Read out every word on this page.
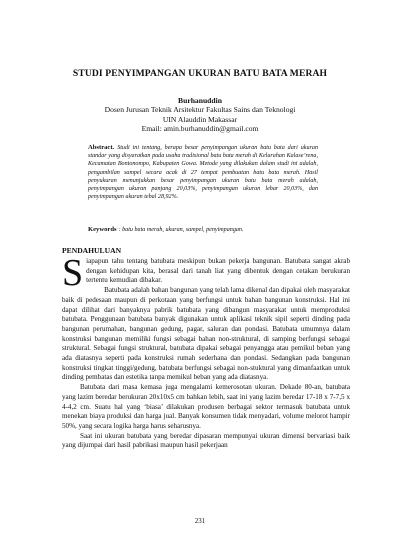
STUDI PENYIMPANGAN UKURAN BATU BATA MERAH
Burhanuddin
Dosen Jurusan Teknik Arsitektur Fakultas Sains dan Teknologi
UIN Alauddin Makassar
Email: amin.burhanuddin@gmail.com
Abstract. Studi ini tentang, berapa besar penyimpangan ukuran batu bata dari ukuran standar yang disyaratkan pada usaha tradisional batu bata merah di Kelurahan Kalase’rena, Kecamatan Bontonompo, Kabupaten Gowa. Metode yang dilakukan dalam studi ini adalah, pengambilan sampel secara acak di 27 tempat pembuatan batu bata merah. Hasil penyukuran menunjukkan besar penyimpangan ukuran batu bata merah adalah, penyimpangan ukuran panjang 20,03%, penyimpangan ukuran lebar 20,03%, dan penyimpangan ukuran tebal 28,92%.
Keywords : batu bata merah, ukuran, sampel, penyimpangan.
PENDAHULUAN

Siapapun tahu tentang batubata meskipun bukan pekerja bangunan. Batubata sangat akrab dengan kehidupan kita, berasal dari tanah liat yang dibentuk dengan cetakan berukuran tertentu kemudian dibakar.

Batubata adalah bahan bangunan yang telah lama dikenal dan dipakai oleh masyarakat baik di pedesaan maupun di perkotaan yang berfungsi untuk bahan bangunan konstruksi. Hal ini dapat dilihat dari banyaknya pabrik batubata yang dibangun masyarakat untuk memproduksi batubata. Penggunaan batubata banyak digunakan untuk aplikasi teknik sipil seperti dinding pada bangunan perumahan, bangunan gedung, pagar, saluran dan pondasi. Batubata umumnya dalam konstruksi bangunan memiliki fungsi sebagai bahan non-struktural, di samping berfungsi sebagai struktural. Sebagai fungsi struktural, batubata dipakai sebagai penyangga atau pemikul beban yang ada diatasnya seperti pada konstruksi rumah sederhana dan pondasi. Sedangkan pada bangunan konstruksi tingkat tinggi/gedung, batubata berfungsi sebagai non-stuktural yang dimanfaatkan untuk dinding pembatas dan estetika tanpa memikul beban yang ada diatasnya.

Batubata dari masa kemasa juga mengalami kemerosotan ukuran. Dekade 80-an, batubata yang lazim beredar berukuran 20x10x5 cm bahkan lebih, saat ini yang lazim beredar 17-18 x 7-7,5 x 4-4,2 cm. Suatu hal yang ‘biasa’ dilakukan produsen berbagai sektor termasuk batubata untuk menekan biaya produksi dan harga jual. Banyak konsumen tidak menyadari, volume melorot hampir 50%, yang secara logika harga harus seharusnya.

Saat ini ukuran batubata yang beredar dipasaran mempunyai ukuran dimensi bervariasi baik yang dijumpai dari hasil pabrikasi maupun hasil pekerjaan

231
